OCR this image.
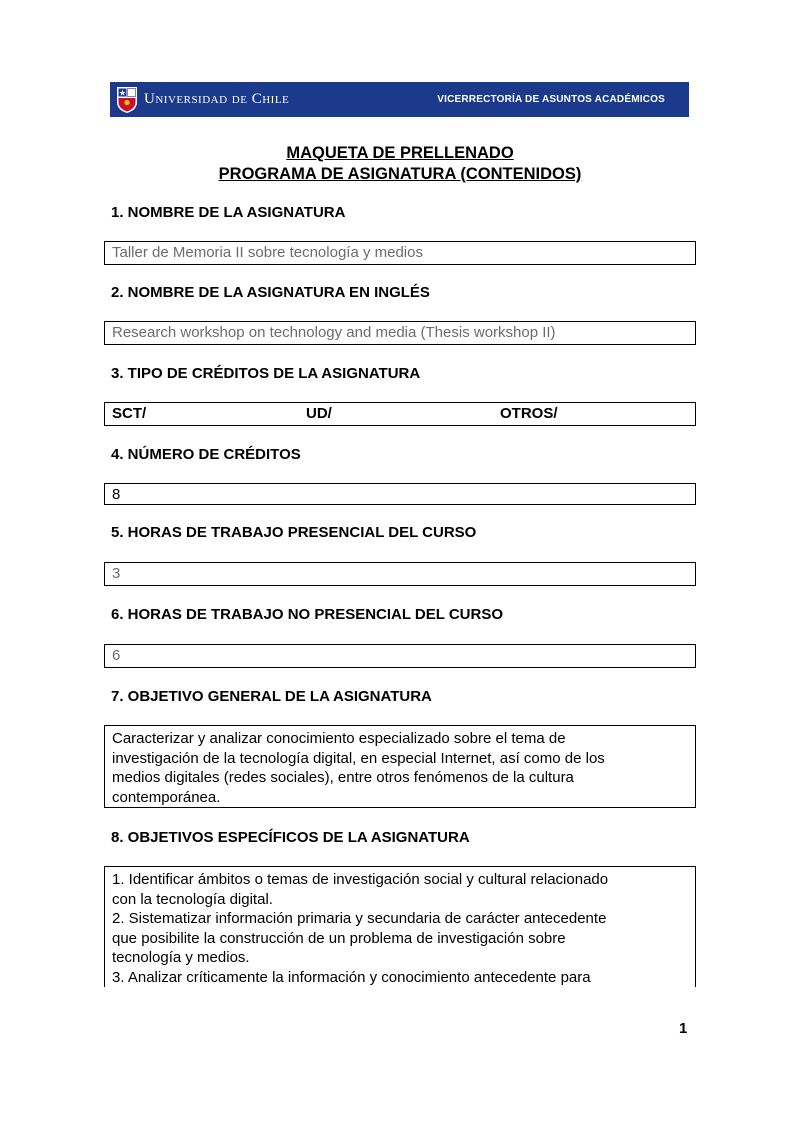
Universidad de Chile	VICERRECTORÍA DE ASUNTOS ACADÉMICOS
MAQUETA DE PRELLENADO
PROGRAMA DE ASIGNATURA (CONTENIDOS)
1. NOMBRE DE LA ASIGNATURA
Taller de Memoria II sobre tecnología y medios
2. NOMBRE DE LA ASIGNATURA EN INGLÉS
Research workshop on technology and media (Thesis workshop II)
3. TIPO DE CRÉDITOS DE LA ASIGNATURA
SCT/	UD/	OTROS/
4. NÚMERO DE CRÉDITOS
8
5. HORAS DE TRABAJO PRESENCIAL DEL CURSO
3
6. HORAS DE TRABAJO NO PRESENCIAL DEL CURSO
6
7. OBJETIVO GENERAL DE LA ASIGNATURA
Caracterizar y analizar conocimiento especializado sobre el tema de
investigación de la tecnología digital, en especial Internet, así como de los
medios digitales (redes sociales), entre otros fenómenos de la cultura
contemporánea.
8. OBJETIVOS ESPECÍFICOS DE LA ASIGNATURA
1. Identificar ámbitos o temas de investigación social y cultural relacionado
con la tecnología digital.
2. Sistematizar información primaria y secundaria de carácter antecedente
que posibilite la construcción de un problema de investigación sobre
tecnología y medios.
3. Analizar críticamente la información y conocimiento antecedente para
1
